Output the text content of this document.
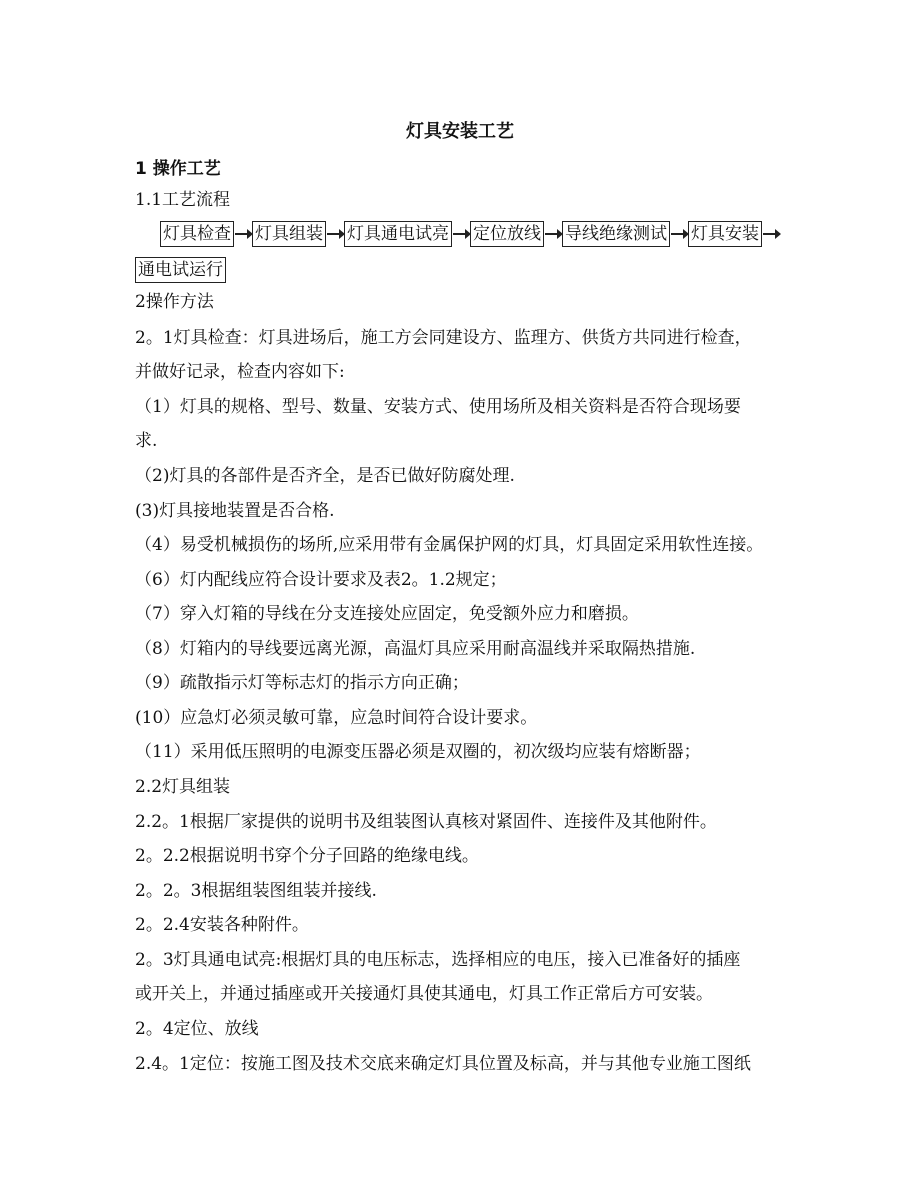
灯具安装工艺
1 操作工艺
1.1工艺流程
灯具检查 灯具组装 灯具通电试亮 定位放线 导线绝缘测试 灯具安装
通电试运行
2操作方法
2。1灯具检查：灯具进场后，施工方会同建设方、监理方、供货方共同进行检查，
并做好记录，检查内容如下:
（1）灯具的规格、型号、数量、安装方式、使用场所及相关资料是否符合现场要
求.
（2)灯具的各部件是否齐全，是否已做好防腐处理.
(3)灯具接地装置是否合格.
（4）易受机械损伤的场所,应采用带有金属保护网的灯具，灯具固定采用软性连接。
（6）灯内配线应符合设计要求及表2。1.2规定；
（7）穿入灯箱的导线在分支连接处应固定，免受额外应力和磨损。
（8）灯箱内的导线要远离光源，高温灯具应采用耐高温线并采取隔热措施.
（9）疏散指示灯等标志灯的指示方向正确；
(10）应急灯必须灵敏可靠，应急时间符合设计要求。
（11）采用低压照明的电源变压器必须是双圈的，初次级均应装有熔断器；
2.2灯具组装
2.2。1根据厂家提供的说明书及组装图认真核对紧固件、连接件及其他附件。
2。2.2根据说明书穿个分子回路的绝缘电线。
2。2。3根据组装图组装并接线.
2。2.4安装各种附件。
2。3灯具通电试亮:根据灯具的电压标志，选择相应的电压，接入已准备好的插座
或开关上，并通过插座或开关接通灯具使其通电，灯具工作正常后方可安装。
2。4定位、放线
2.4。1定位：按施工图及技术交底来确定灯具位置及标高，并与其他专业施工图纸
